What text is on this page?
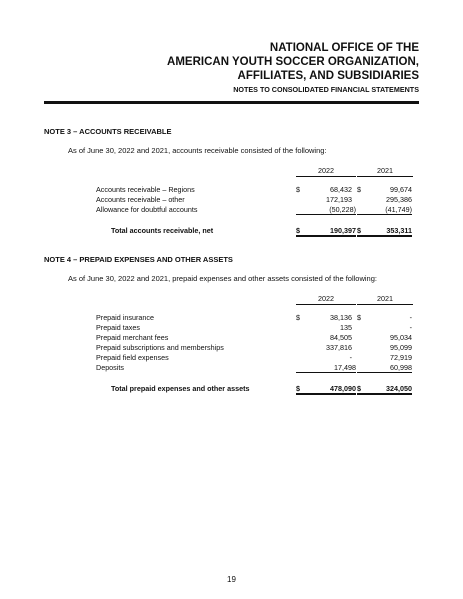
NATIONAL OFFICE OF THE
AMERICAN YOUTH SOCCER ORGANIZATION,
AFFILIATES, AND SUBSIDIARIES
NOTES TO CONSOLIDATED FINANCIAL STATEMENTS
NOTE 3 – ACCOUNTS RECEIVABLE
As of June 30, 2022 and 2021, accounts receivable consisted of the following:
2022	2021
Accounts receivable – Regions	$	68,432 $	99,674
Accounts receivable – other	172,193	295,386
Allowance for doubtful accounts	(50,228)	(41,749)
Total accounts receivable, net	$	190,397 $	353,311
NOTE 4 – PREPAID EXPENSES AND OTHER ASSETS
As of June 30, 2022 and 2021, prepaid expenses and other assets consisted of the following:
2022	2021
Prepaid insurance	$	38,136 $	-
Prepaid taxes	135	-
Prepaid merchant fees	84,505	95,034
Prepaid subscriptions and memberships	337,816	95,099
Prepaid field expenses	-	72,919
Deposits	17,498	60,998
Total prepaid expenses and other assets	$	478,090 $	324,050
19
